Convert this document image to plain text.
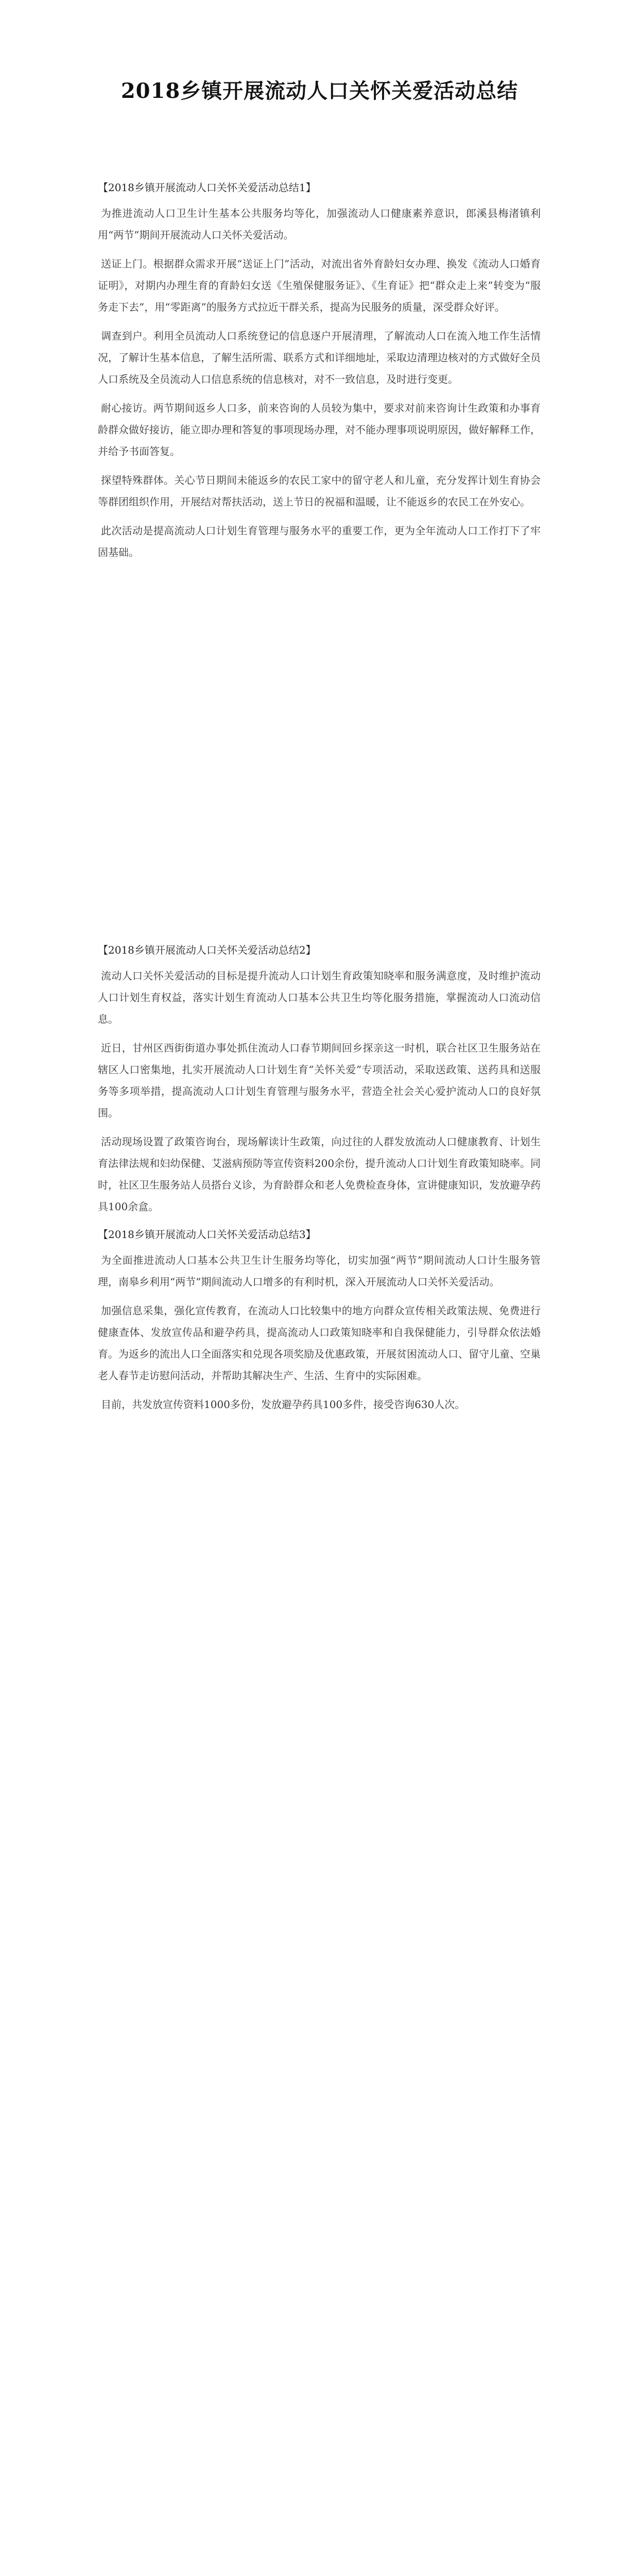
2018乡镇开展流动人口关怀关爱活动总结
【2018乡镇开展流动人口关怀关爱活动总结1】

为推进流动人口卫生计生基本公共服务均等化，加强流动人口健康素养意识，郎溪县梅渚镇利用“两节”期间开展流动人口关怀关爱活动。

送证上门。根据群众需求开展“送证上门”活动，对流出省外育龄妇女办理、换发《流动人口婚育证明》，对期内办理生育的育龄妇女送《生殖保健服务证》、《生育证》把“群众走上来”转变为“服务走下去”，用“零距离”的服务方式拉近干群关系，提高为民服务的质量，深受群众好评。

调查到户。利用全员流动人口系统登记的信息逐户开展清理，了解流动人口在流入地工作生活情况，了解计生基本信息，了解生活所需、联系方式和详细地址，采取边清理边核对的方式做好全员人口系统及全员流动人口信息系统的信息核对，对不一致信息，及时进行变更。

耐心接访。两节期间返乡人口多，前来咨询的人员较为集中，要求对前来咨询计生政策和办事育龄群众做好接访，能立即办理和答复的事项现场办理，对不能办理事项说明原因，做好解释工作，并给予书面答复。

探望特殊群体。关心节日期间未能返乡的农民工家中的留守老人和儿童，充分发挥计划生育协会等群团组织作用，开展结对帮扶活动，送上节日的祝福和温暖，让不能返乡的农民工在外安心。

此次活动是提高流动人口计划生育管理与服务水平的重要工作，更为全年流动人口工作打下了牢固基础。

【2018乡镇开展流动人口关怀关爱活动总结2】

流动人口关怀关爱活动的目标是提升流动人口计划生育政策知晓率和服务满意度，及时维护流动人口计划生育权益，落实计划生育流动人口基本公共卫生均等化服务措施，掌握流动人口流动信息。

近日，甘州区西街街道办事处抓住流动人口春节期间回乡探亲这一时机，联合社区卫生服务站在辖区人口密集地，扎实开展流动人口计划生育“关怀关爱”专项活动，采取送政策、送药具和送服务等多项举措，提高流动人口计划生育管理与服务水平，营造全社会关心爱护流动人口的良好氛围。

活动现场设置了政策咨询台，现场解读计生政策，向过往的人群发放流动人口健康教育、计划生育法律法规和妇幼保健、艾滋病预防等宣传资料200余份，提升流动人口计划生育政策知晓率。同时，社区卫生服务站人员搭台义诊，为育龄群众和老人免费检查身体，宣讲健康知识，发放避孕药具100余盒。

【2018乡镇开展流动人口关怀关爱活动总结3】

为全面推进流动人口基本公共卫生计生服务均等化，切实加强“两节”期间流动人口计生服务管理，南皋乡利用“两节”期间流动人口增多的有利时机，深入开展流动人口关怀关爱活动。

加强信息采集，强化宣传教育，在流动人口比较集中的地方向群众宣传相关政策法规、免费进行健康查体、发放宣传品和避孕药具，提高流动人口政策知晓率和自我保健能力，引导群众依法婚育。为返乡的流出人口全面落实和兑现各项奖励及优惠政策，开展贫困流动人口、留守儿童、空巢老人春节走访慰问活动，并帮助其解决生产、生活、生育中的实际困难。

目前，共发放宣传资料1000多份，发放避孕药具100多件，接受咨询630人次。
